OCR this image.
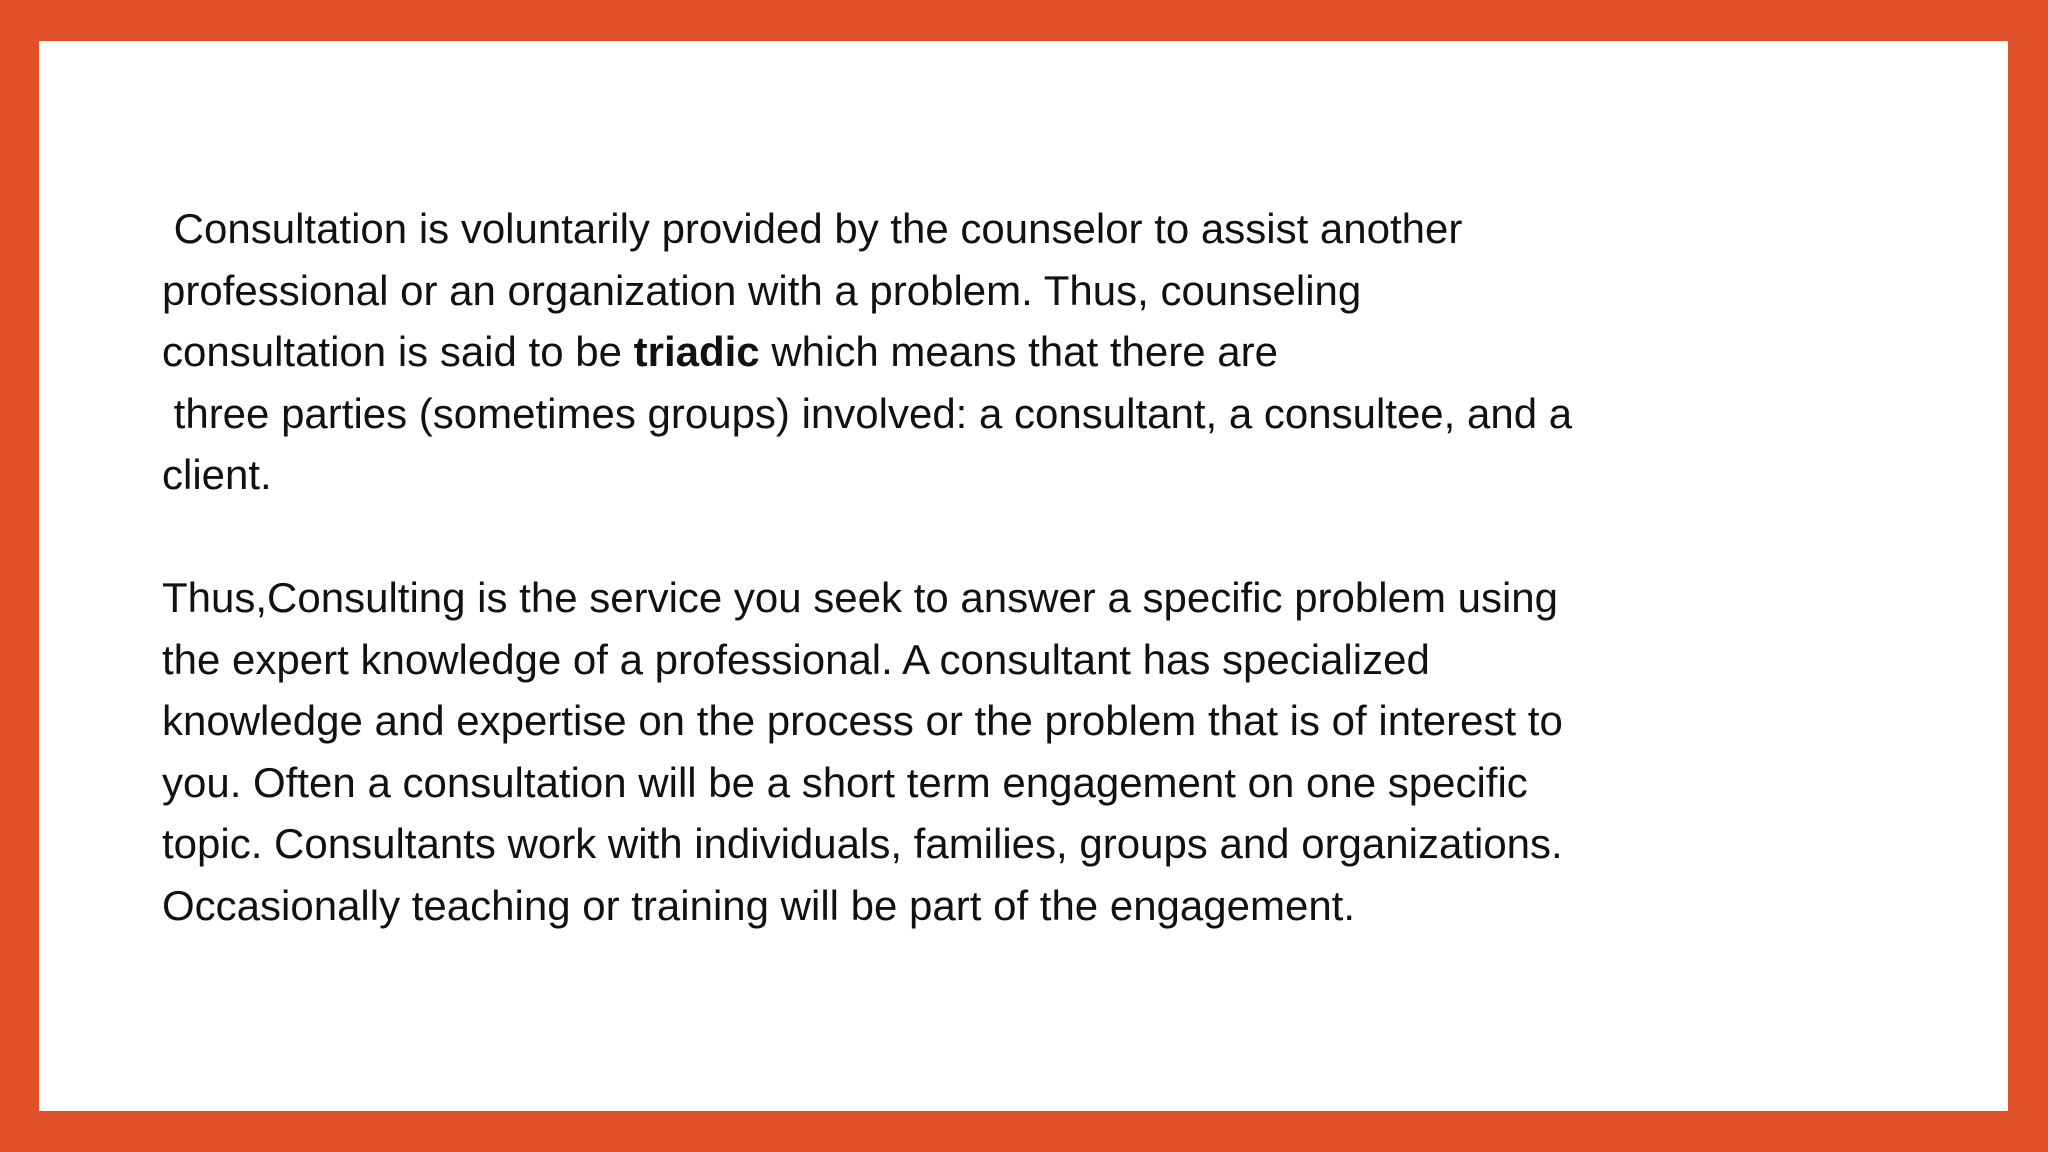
Consultation is voluntarily provided by the counselor to assist another
professional or an organization with a problem. Thus, counseling
consultation is said to be triadic which means that there are
three parties (sometimes groups) involved: a consultant, a consultee, and a
client.
Thus,Consulting is the service you seek to answer a specific problem using
the expert knowledge of a professional. A consultant has specialized
knowledge and expertise on the process or the problem that is of interest to
you. Often a consultation will be a short term engagement on one specific
topic. Consultants work with individuals, families, groups and organizations.
Occasionally teaching or training will be part of the engagement.
